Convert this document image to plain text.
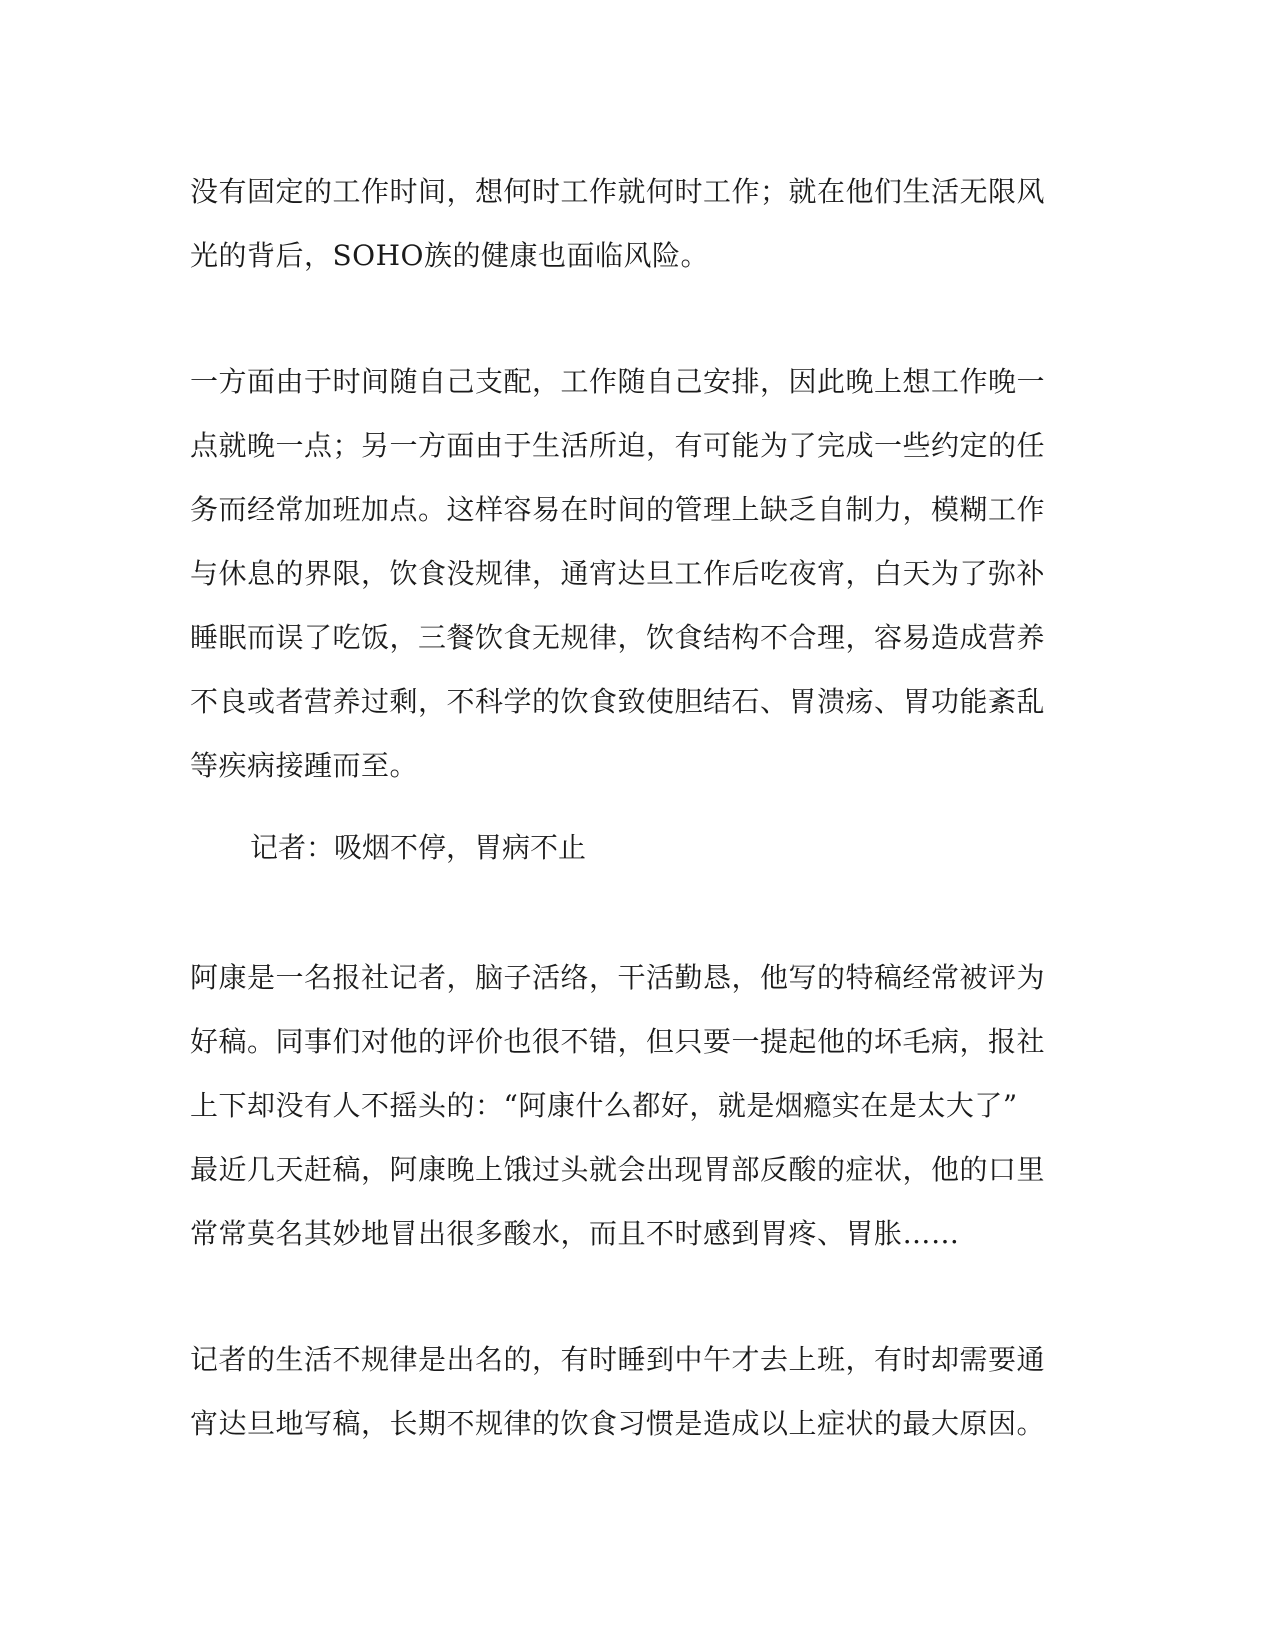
没有固定的工作时间，想何时工作就何时工作；就在他们生活无限风
光的背后，SOHO族的健康也面临风险。

一方面由于时间随自己支配，工作随自己安排，因此晚上想工作晚一
点就晚一点；另一方面由于生活所迫，有可能为了完成一些约定的任
务而经常加班加点。这样容易在时间的管理上缺乏自制力，模糊工作
与休息的界限，饮食没规律，通宵达旦工作后吃夜宵，白天为了弥补
睡眠而误了吃饭，三餐饮食无规律，饮食结构不合理，容易造成营养
不良或者营养过剩，不科学的饮食致使胆结石、胃溃疡、胃功能紊乱
等疾病接踵而至。

记者：吸烟不停，胃病不止

阿康是一名报社记者，脑子活络，干活勤恳，他写的特稿经常被评为
好稿。同事们对他的评价也很不错，但只要一提起他的坏毛病，报社
上下却没有人不摇头的：“阿康什么都好，就是烟瘾实在是太大了”
最近几天赶稿，阿康晚上饿过头就会出现胃部反酸的症状，他的口里
常常莫名其妙地冒出很多酸水，而且不时感到胃疼、胃胀……

记者的生活不规律是出名的，有时睡到中午才去上班，有时却需要通
宵达旦地写稿，长期不规律的饮食习惯是造成以上症状的最大原因。
